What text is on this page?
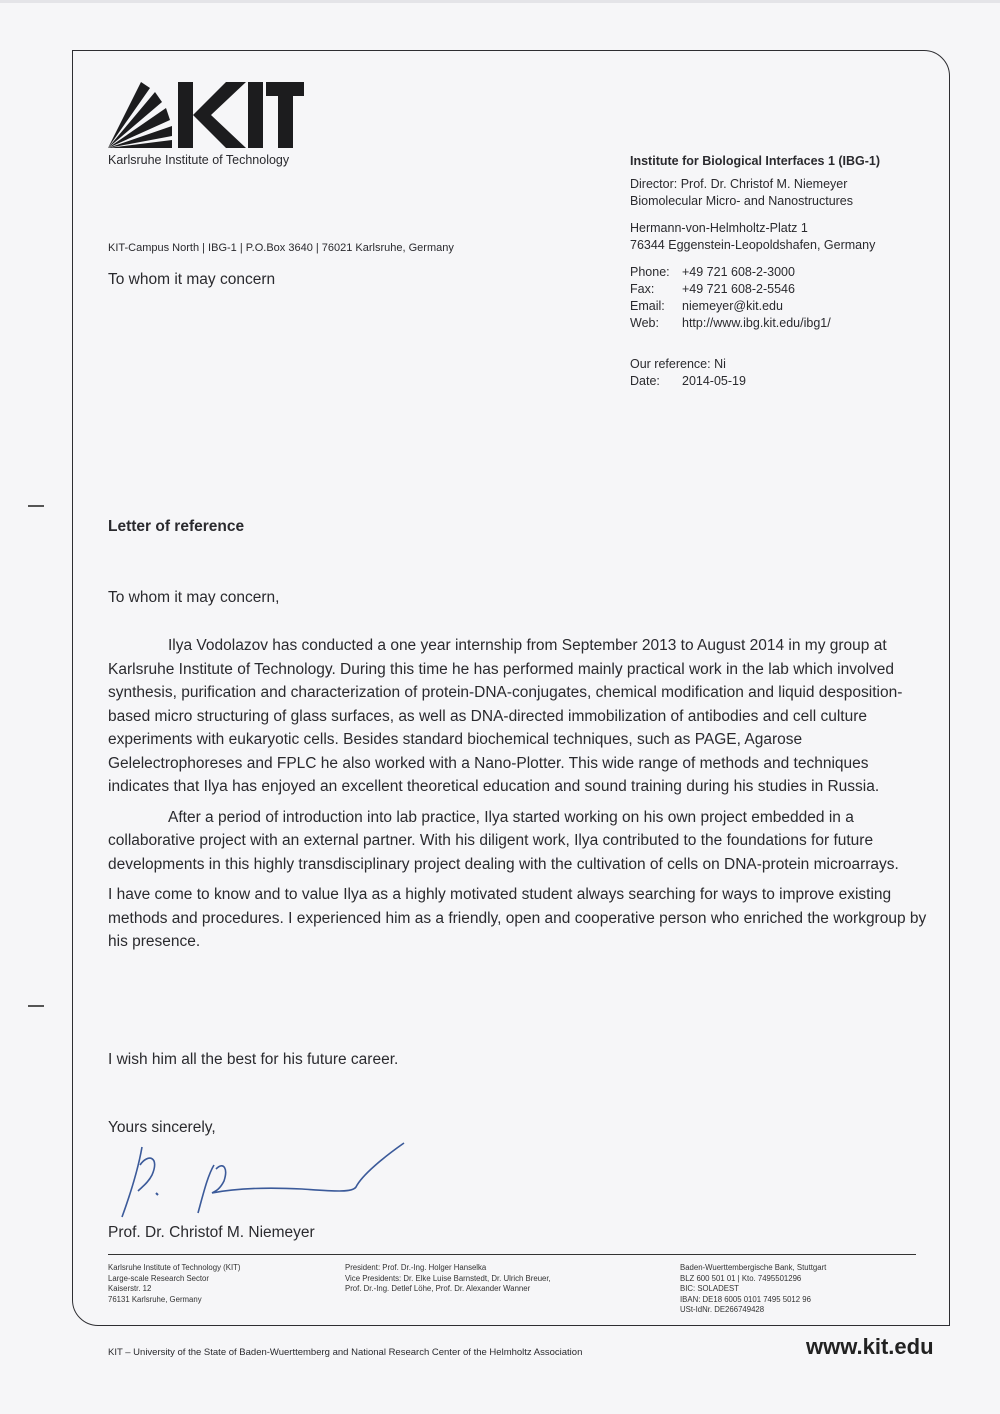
Karlsruhe Institute of Technology
KIT-Campus North | IBG-1 | P.O.Box 3640 | 76021 Karlsruhe, Germany
To whom it may concern
Institute for Biological Interfaces 1 (IBG-1)
Director: Prof. Dr. Christof M. Niemeyer
Biomolecular Micro- and Nanostructures
Hermann-von-Helmholtz-Platz 1
76344 Eggenstein-Leopoldshafen, Germany
Phone:	+49 721 608-2-3000
Fax:	+49 721 608-2-5546
Email:	niemeyer@kit.edu
Web:	http://www.ibg.kit.edu/ibg1/
Our reference: Ni
Date: 2014-05-19
Letter of reference
To whom it may concern,

Ilya Vodolazov has conducted a one year internship from September 2013 to August 2014 in my group at Karlsruhe Institute of Technology. During this time he has performed mainly practical work in the lab which involved synthesis, purification and characterization of protein-DNA-conjugates, chemical modification and liquid desposition-based micro structuring of glass surfaces, as well as DNA-directed immobilization of antibodies and cell culture experiments with eukaryotic cells. Besides standard biochemical techniques, such as PAGE, Agarose Gelelectrophoreses and FPLC he also worked with a Nano-Plotter. This wide range of methods and techniques indicates that Ilya has enjoyed an excellent theoretical education and sound training during his studies in Russia.

After a period of introduction into lab practice, Ilya started working on his own project embedded in a collaborative project with an external partner. With his diligent work, Ilya contributed to the foundations for future developments in this highly transdisciplinary project dealing with the cultivation of cells on DNA-protein microarrays.

I have come to know and to value Ilya as a highly motivated student always searching for ways to improve existing methods and procedures. I experienced him as a friendly, open and cooperative person who enriched the workgroup by his presence.

I wish him all the best for his future career.
Yours sincerely,
Prof. Dr. Christof M. Niemeyer
Karlsruhe Institute of Technology (KIT)
Large-scale Research Sector
Kaiserstr. 12
76131 Karlsruhe, Germany
President: Prof. Dr.-Ing. Holger Hanselka
Vice Presidents: Dr. Elke Luise Barnstedt, Dr. Ulrich Breuer,
Prof. Dr.-Ing. Detlef Löhe, Prof. Dr. Alexander Wanner
Baden-Wuerttembergische Bank, Stuttgart
BLZ 600 501 01 | Kto. 7495501296
BIC: SOLADEST
IBAN: DE18 6005 0101 7495 5012 96
USt-IdNr. DE266749428
KIT – University of the State of Baden-Wuerttemberg and National Research Center of the Helmholtz Association	www.kit.edu
